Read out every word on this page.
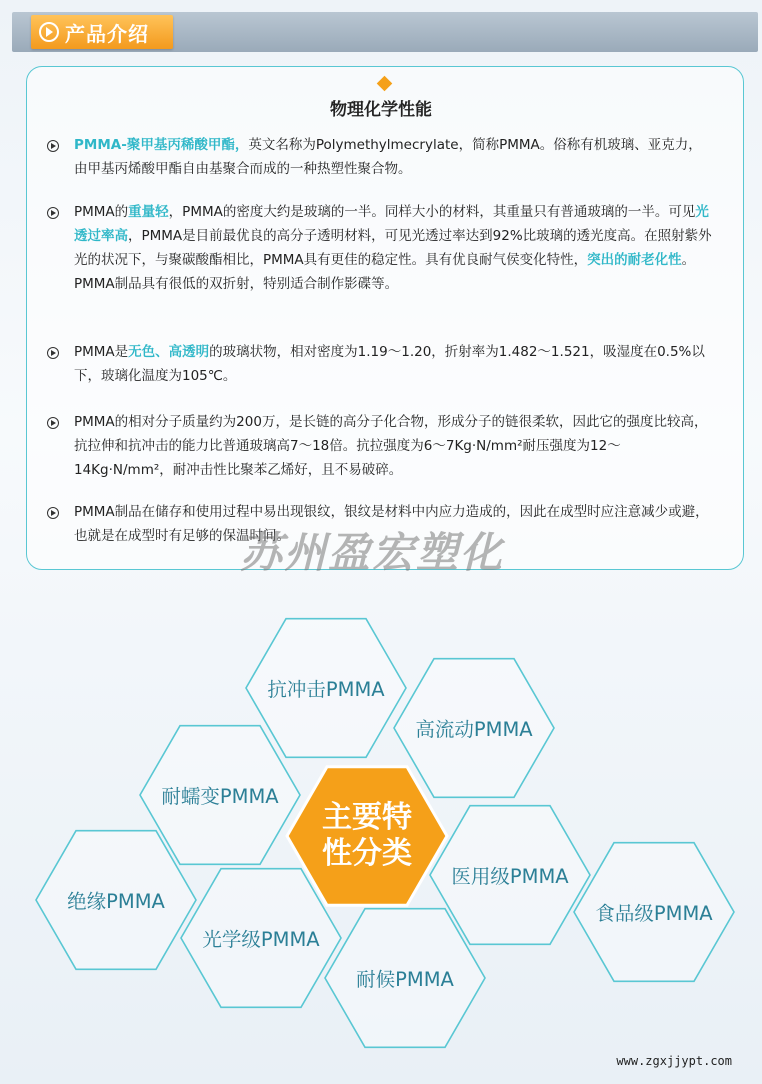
产品介绍
物理化学性能
PMMA-聚甲基丙稀酸甲酯，英文名称为Polymethylmecrylate，简称PMMA。俗称有机玻璃、亚克力，由甲基丙烯酸甲酯自由基聚合而成的一种热塑性聚合物。
PMMA的重量轻，PMMA的密度大约是玻璃的一半。同样大小的材料，其重量只有普通玻璃的一半。可见光透过率高，PMMA是目前最优良的高分子透明材料，可见光透过率达到92%比玻璃的透光度高。在照射紫外光的状况下，与聚碳酸酯相比，PMMA具有更佳的稳定性。具有优良耐气侯变化特性，突出的耐老化性。PMMA制品具有很低的双折射，特别适合制作影碟等。
PMMA是无色、高透明的玻璃状物，相对密度为1.19～1.20，折射率为1.482～1.521，吸湿度在0.5%以下，玻璃化温度为105℃。
PMMA的相对分子质量约为200万，是长链的高分子化合物，形成分子的链很柔软，因此它的强度比较高，抗拉伸和抗冲击的能力比普通玻璃高7～18倍。抗拉强度为6～7Kg·N/mm²耐压强度为12～14Kg·N/mm²，耐冲击性比聚苯乙烯好，且不易破碎。
PMMA制品在储存和使用过程中易出现银纹，银纹是材料中内应力造成的，因此在成型时应注意减少或避，也就是在成型时有足够的保温时间。
苏州盈宏塑化
抗冲击PMMA
高流动PMMA
耐蠕变PMMA
医用级PMMA
绝缘PMMA
光学级PMMA
耐候PMMA
食品级PMMA
主要特
性分类
www.zgxjjypt.com
